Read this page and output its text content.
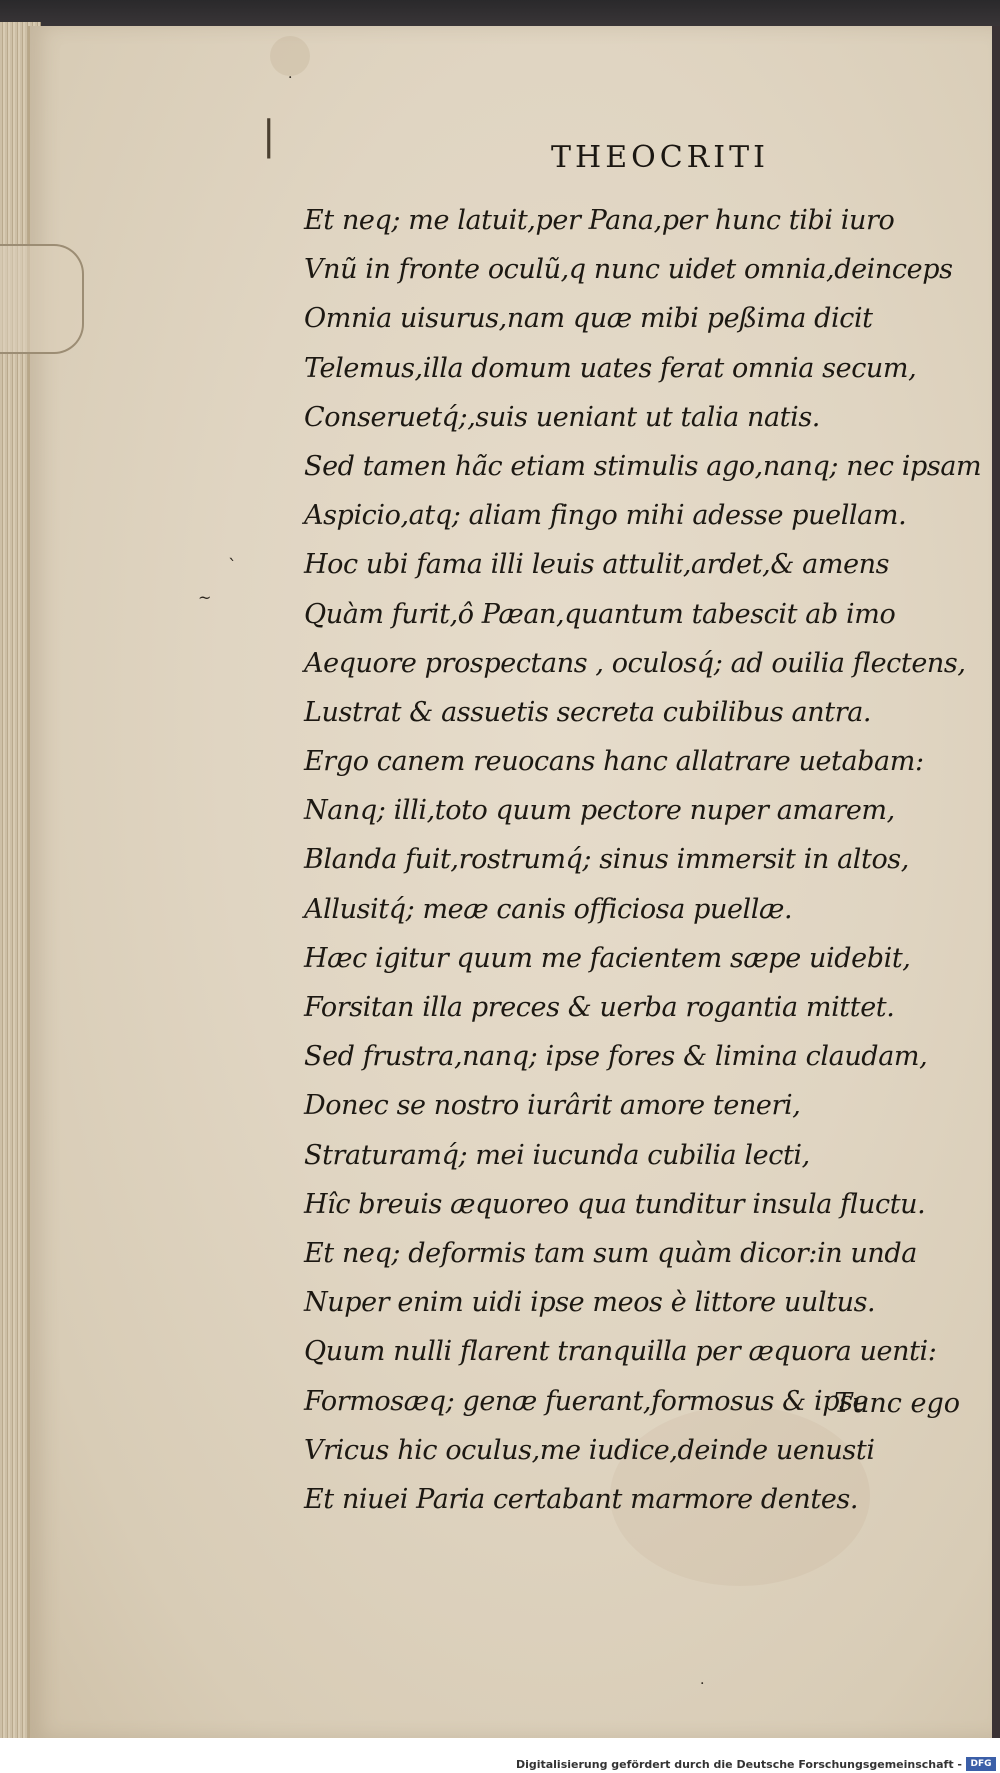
·
|
`
~
.
THEOCRITI
Et neq; me latuit,per Pana,per hunc tibi iuro
Vnũ in fronte oculũ,q nunc uidet omnia,deinceps
Omnia uisurus,nam quæ mibi peßima dicit
Telemus,illa domum uates ferat omnia secum,
Conseruetq́;,suis ueniant ut talia natis.
Sed tamen hãc etiam stimulis ago,nanq; nec ipsam
Aspicio,atq; aliam fingo mihi adesse puellam.
Hoc ubi fama illi leuis attulit,ardet,& amens
Quàm furit,ô Pæan,quantum tabescit ab imo
Aequore prospectans , oculosq́; ad ouilia flectens,
Lustrat & assuetis secreta cubilibus antra.
Ergo canem reuocans hanc allatrare uetabam:
Nanq; illi,toto quum pectore nuper amarem,
Blanda fuit,rostrumq́; sinus immersit in altos,
Allusitq́; meæ canis officiosa puellæ.
Hæc igitur quum me facientem sæpe uidebit,
Forsitan illa preces & uerba rogantia mittet.
Sed frustra,nanq; ipse fores & limina claudam,
Donec se nostro iurârit amore teneri,
Straturamq́; mei iucunda cubilia lecti,
Hîc breuis æquoreo qua tunditur insula fluctu.
Et neq; deformis tam sum quàm dicor:in unda
Nuper enim uidi ipse meos è littore uultus.
Quum nulli flarent tranquilla per æquora uenti:
Formosæq; genæ fuerant,formosus & ipse
Vricus hic oculus,me iudice,deinde uenusti
Et niuei Paria certabant marmore dentes.
Tunc ego
Digitalisierung gefördert durch die Deutsche Forschungsgemeinschaft - DFG
